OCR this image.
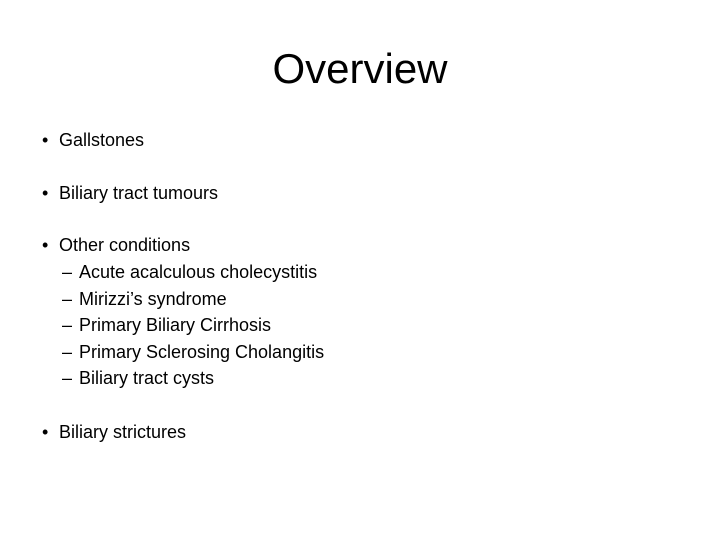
Overview
• Gallstones
• Biliary tract tumours
• Other conditions
– Acute acalculous cholecystitis
– Mirizzi’s syndrome
– Primary Biliary Cirrhosis
– Primary Sclerosing Cholangitis
– Biliary tract cysts
• Biliary strictures
